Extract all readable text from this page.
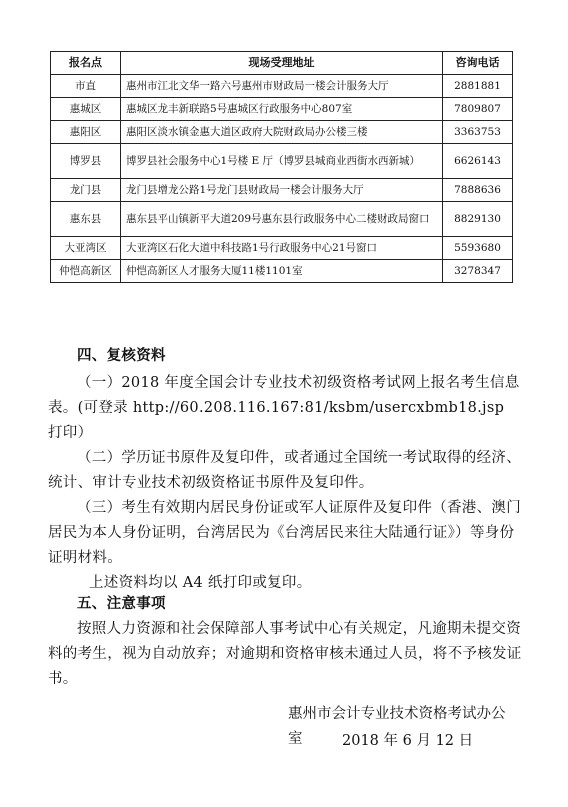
报名点	现场受理地址	咨询电话
市直	惠州市江北文华一路六号惠州市财政局一楼会计服务大厅	2881881
惠城区	惠城区龙丰新联路5号惠城区行政服务中心807室	7809807
惠阳区	惠阳区淡水镇金惠大道区政府大院财政局办公楼三楼	3363753
博罗县	博罗县社会服务中心1号楼 E 厅（博罗县城商业西街水西新城）	6626143
龙门县	龙门县增龙公路1号龙门县财政局一楼会计服务大厅	7888636
惠东县	惠东县平山镇新平大道209号惠东县行政服务中心二楼财政局窗口	8829130
大亚湾区	大亚湾区石化大道中科技路1号行政服务中心21号窗口	5593680
仲恺高新区	仲恺高新区人才服务大厦11楼1101室	3278347

四、复核资料

（一）2018 年度全国会计专业技术初级资格考试网上报名考生信息表。(可登录 http://60.208.116.167:81/ksbm/usercxbmb18.jsp 打印）

（二）学历证书原件及复印件，或者通过全国统一考试取得的经济、统计、审计专业技术初级资格证书原件及复印件。

（三）考生有效期内居民身份证或军人证原件及复印件（香港、澳门居民为本人身份证明，台湾居民为《台湾居民来往大陆通行证》）等身份证明材料。

上述资料均以 A4 纸打印或复印。

五、注意事项

按照人力资源和社会保障部人事考试中心有关规定，凡逾期未提交资料的考生，视为自动放弃；对逾期和资格审核未通过人员，将不予核发证书。

惠州市会计专业技术资格考试办公室	2018 年 6 月 12 日
